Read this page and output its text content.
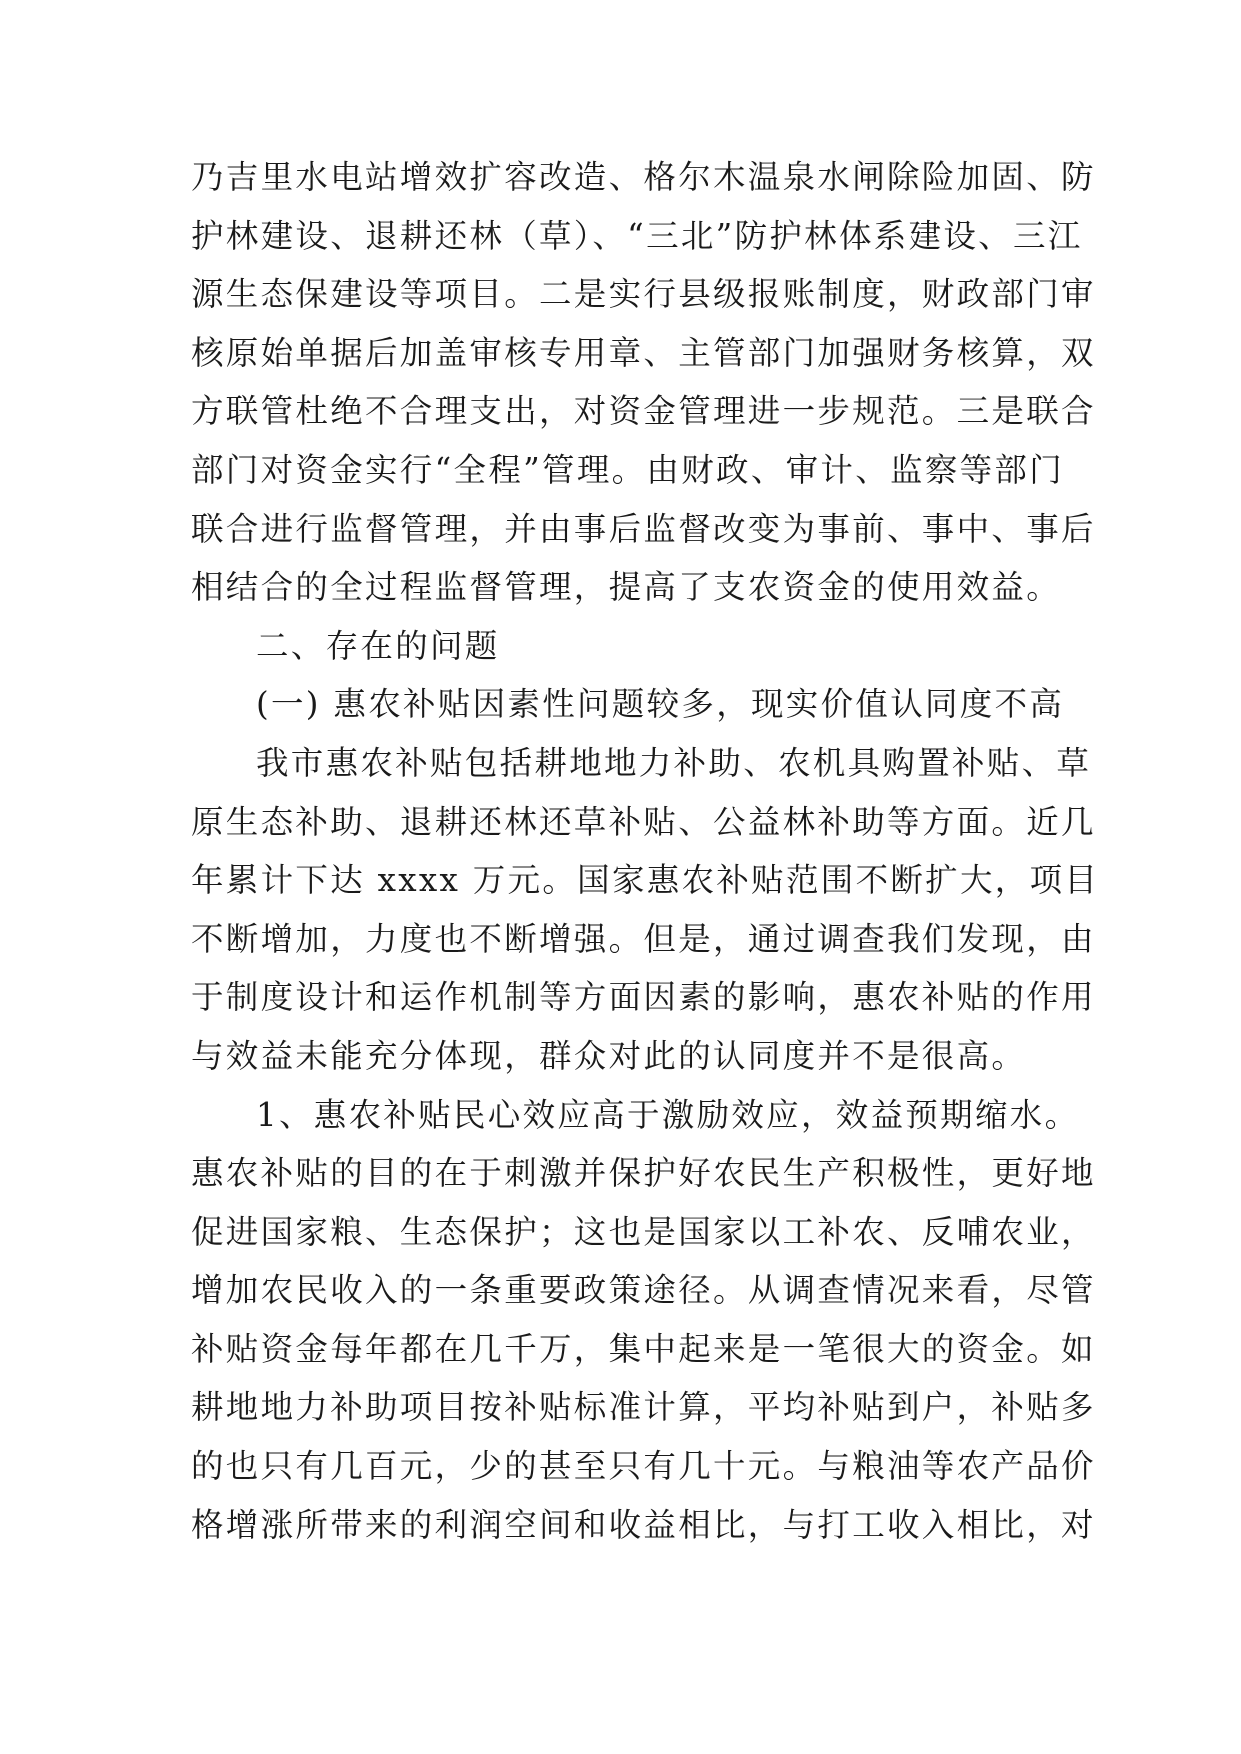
乃吉里水电站增效扩容改造、格尔木温泉水闸除险加固、防
护林建设、退耕还林（草）、“三北”防护林体系建设、三江
源生态保建设等项目。二是实行县级报账制度，财政部门审
核原始单据后加盖审核专用章、主管部门加强财务核算，双
方联管杜绝不合理支出，对资金管理进一步规范。三是联合
部门对资金实行“全程”管理。由财政、审计、监察等部门
联合进行监督管理，并由事后监督改变为事前、事中、事后
相结合的全过程监督管理，提高了支农资金的使用效益。
二、存在的问题
(一) 惠农补贴因素性问题较多，现实价值认同度不高
我市惠农补贴包括耕地地力补助、农机具购置补贴、草
原生态补助、退耕还林还草补贴、公益林补助等方面。近几
年累计下达 xxxx 万元。国家惠农补贴范围不断扩大，项目
不断增加，力度也不断增强。但是，通过调查我们发现，由
于制度设计和运作机制等方面因素的影响，惠农补贴的作用
与效益未能充分体现，群众对此的认同度并不是很高。
1、惠农补贴民心效应高于激励效应，效益预期缩水。
惠农补贴的目的在于刺激并保护好农民生产积极性，更好地
促进国家粮、生态保护；这也是国家以工补农、反哺农业，
增加农民收入的一条重要政策途径。从调查情况来看，尽管
补贴资金每年都在几千万，集中起来是一笔很大的资金。如
耕地地力补助项目按补贴标准计算，平均补贴到户，补贴多
的也只有几百元，少的甚至只有几十元。与粮油等农产品价
格增涨所带来的利润空间和收益相比，与打工收入相比，对
